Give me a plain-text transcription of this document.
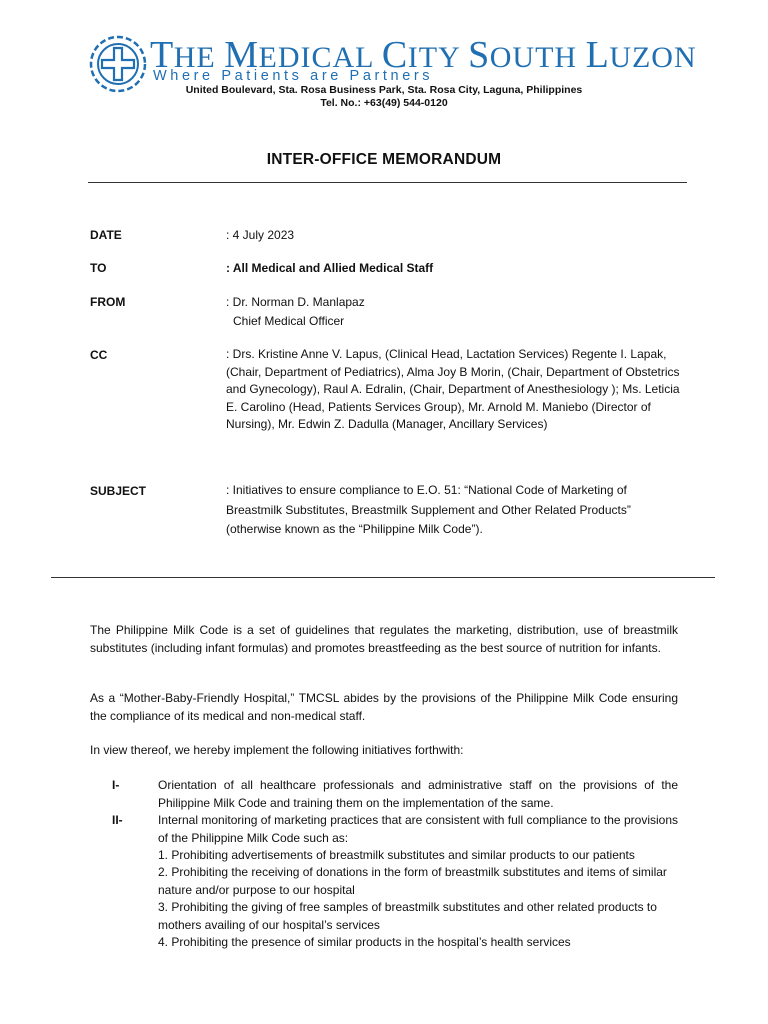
THE MEDICAL CITY SOUTH LUZON
Where Patients are Partners
United Boulevard, Sta. Rosa Business Park, Sta. Rosa City, Laguna, Philippines
Tel. No.: +63(49) 544-0120
INTER-OFFICE MEMORANDUM
DATE	: 4 July 2023
TO	: All Medical and Allied Medical Staff
FROM	: Dr. Norman D. Manlapaz
Chief Medical Officer
CC	: Drs. Kristine Anne V. Lapus, (Clinical Head, Lactation Services) Regente I. Lapak, (Chair, Department of Pediatrics), Alma Joy B Morin, (Chair, Department of Obstetrics and Gynecology), Raul A. Edralin, (Chair, Department of Anesthesiology ); Ms. Leticia E. Carolino (Head, Patients Services Group), Mr. Arnold M. Maniebo (Director of Nursing), Mr. Edwin Z. Dadulla (Manager, Ancillary Services)
SUBJECT	: Initiatives to ensure compliance to E.O. 51: “National Code of Marketing of Breastmilk Substitutes, Breastmilk Supplement and Other Related Products” (otherwise known as the “Philippine Milk Code”).
The Philippine Milk Code is a set of guidelines that regulates the marketing, distribution, use of breastmilk substitutes (including infant formulas) and promotes breastfeeding as the best source of nutrition for infants.
As a “Mother-Baby-Friendly Hospital,” TMCSL abides by the provisions of the Philippine Milk Code ensuring the compliance of its medical and non-medical staff.
In view thereof, we hereby implement the following initiatives forthwith:
I-	Orientation of all healthcare professionals and administrative staff on the provisions of the Philippine Milk Code and training them on the implementation of the same.
II-	Internal monitoring of marketing practices that are consistent with full compliance to the provisions of the Philippine Milk Code such as:
1. Prohibiting advertisements of breastmilk substitutes and similar products to our patients
2. Prohibiting the receiving of donations in the form of breastmilk substitutes and items of similar nature and/or purpose to our hospital
3. Prohibiting the giving of free samples of breastmilk substitutes and other related products to mothers availing of our hospital’s services
4. Prohibiting the presence of similar products in the hospital’s health services
